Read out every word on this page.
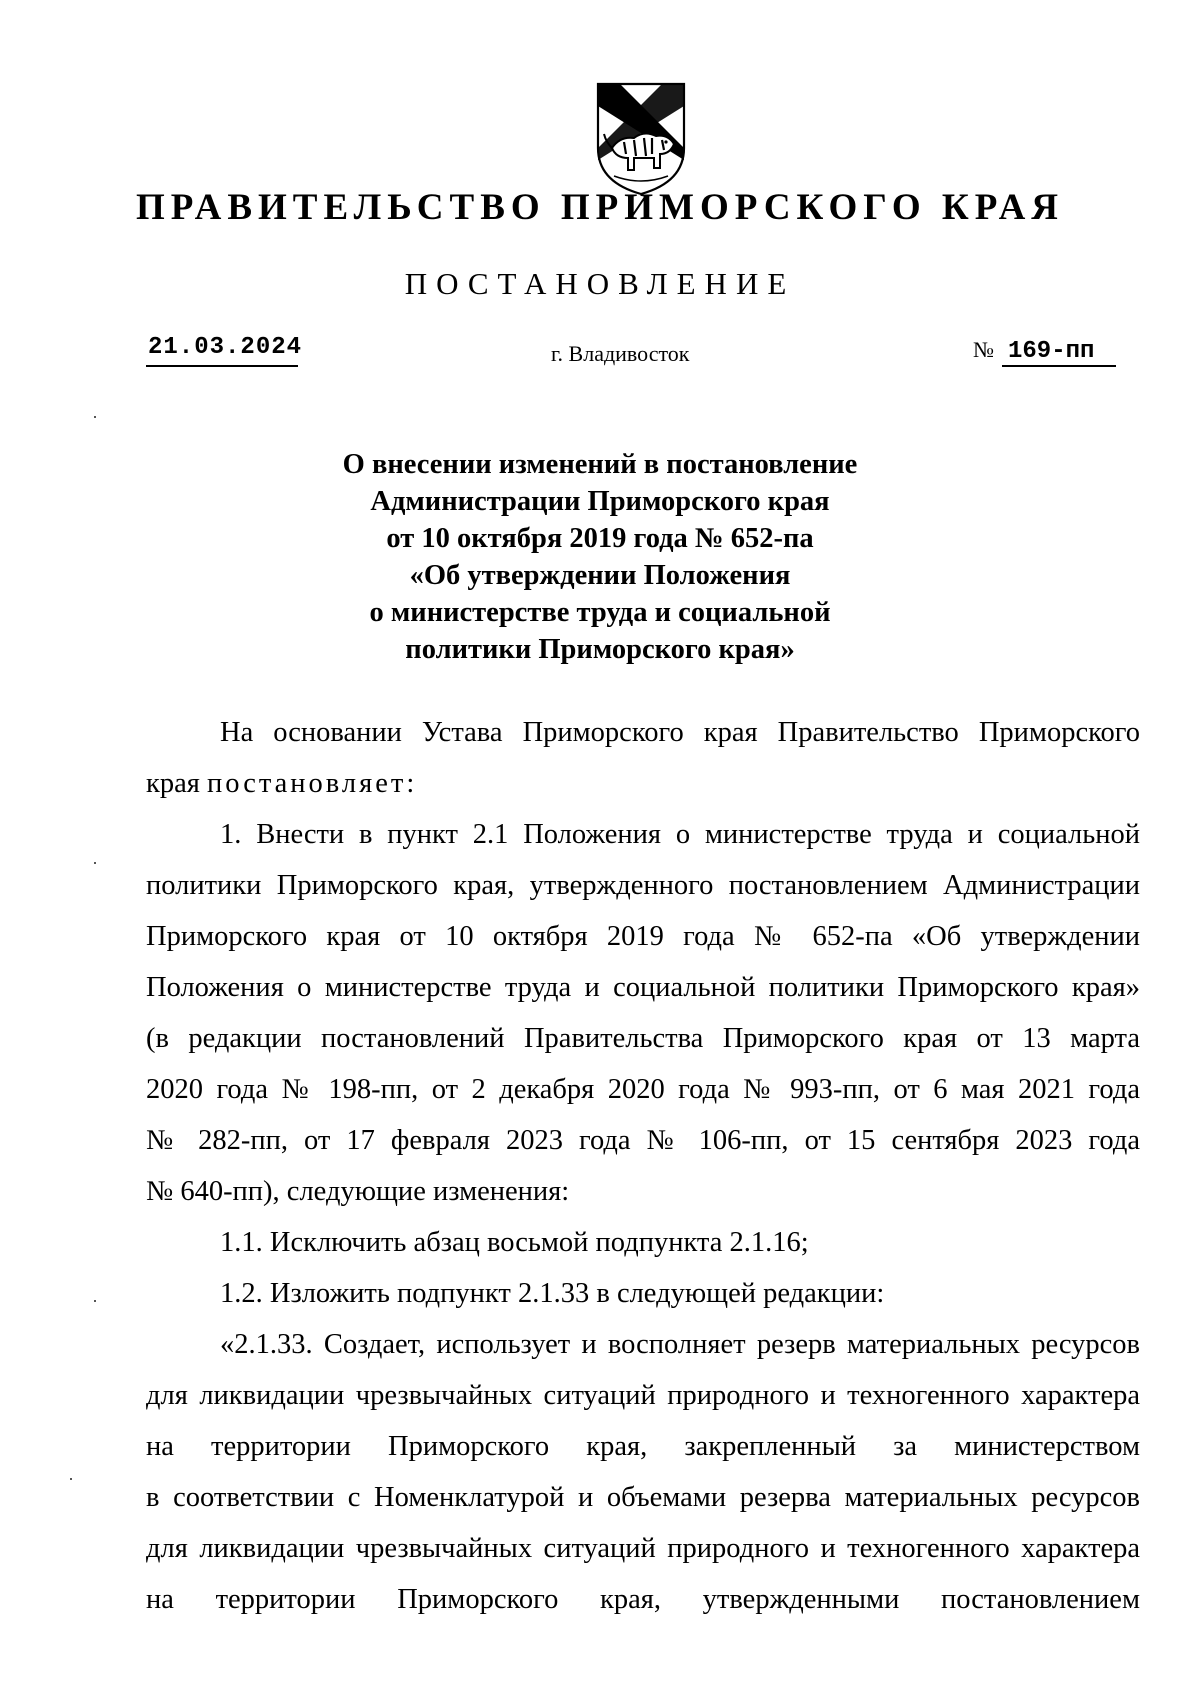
ПРАВИТЕЛЬСТВО ПРИМОРСКОГО КРАЯ
ПОСТАНОВЛЕНИЕ
21.03.2024	г. Владивосток	№ 169-пп
О внесении изменений в постановление
Администрации Приморского края
от 10 октября 2019 года № 652-па
«Об утверждении Положения
о министерстве труда и социальной
политики Приморского края»
На основании Устава Приморского края Правительство Приморского
края постановляет:
1. Внести в пункт 2.1 Положения о министерстве труда и социальной
политики Приморского края, утвержденного постановлением Администрации
Приморского края от 10 октября 2019 года № 652-па «Об утверждении
Положения о министерстве труда и социальной политики Приморского края»
(в редакции постановлений Правительства Приморского края от 13 марта
2020 года № 198-пп, от 2 декабря 2020 года № 993-пп, от 6 мая 2021 года
№ 282-пп, от 17 февраля 2023 года № 106-пп, от 15 сентября 2023 года
№ 640-пп), следующие изменения:
1.1. Исключить абзац восьмой подпункта 2.1.16;
1.2. Изложить подпункт 2.1.33 в следующей редакции:
«2.1.33. Создает, использует и восполняет резерв материальных ресурсов
для ликвидации чрезвычайных ситуаций природного и техногенного характера
на территории Приморского края, закрепленный за министерством
в соответствии с Номенклатурой и объемами резерва материальных ресурсов
для ликвидации чрезвычайных ситуаций природного и техногенного характера
на территории Приморского края, утвержденными постановлением
